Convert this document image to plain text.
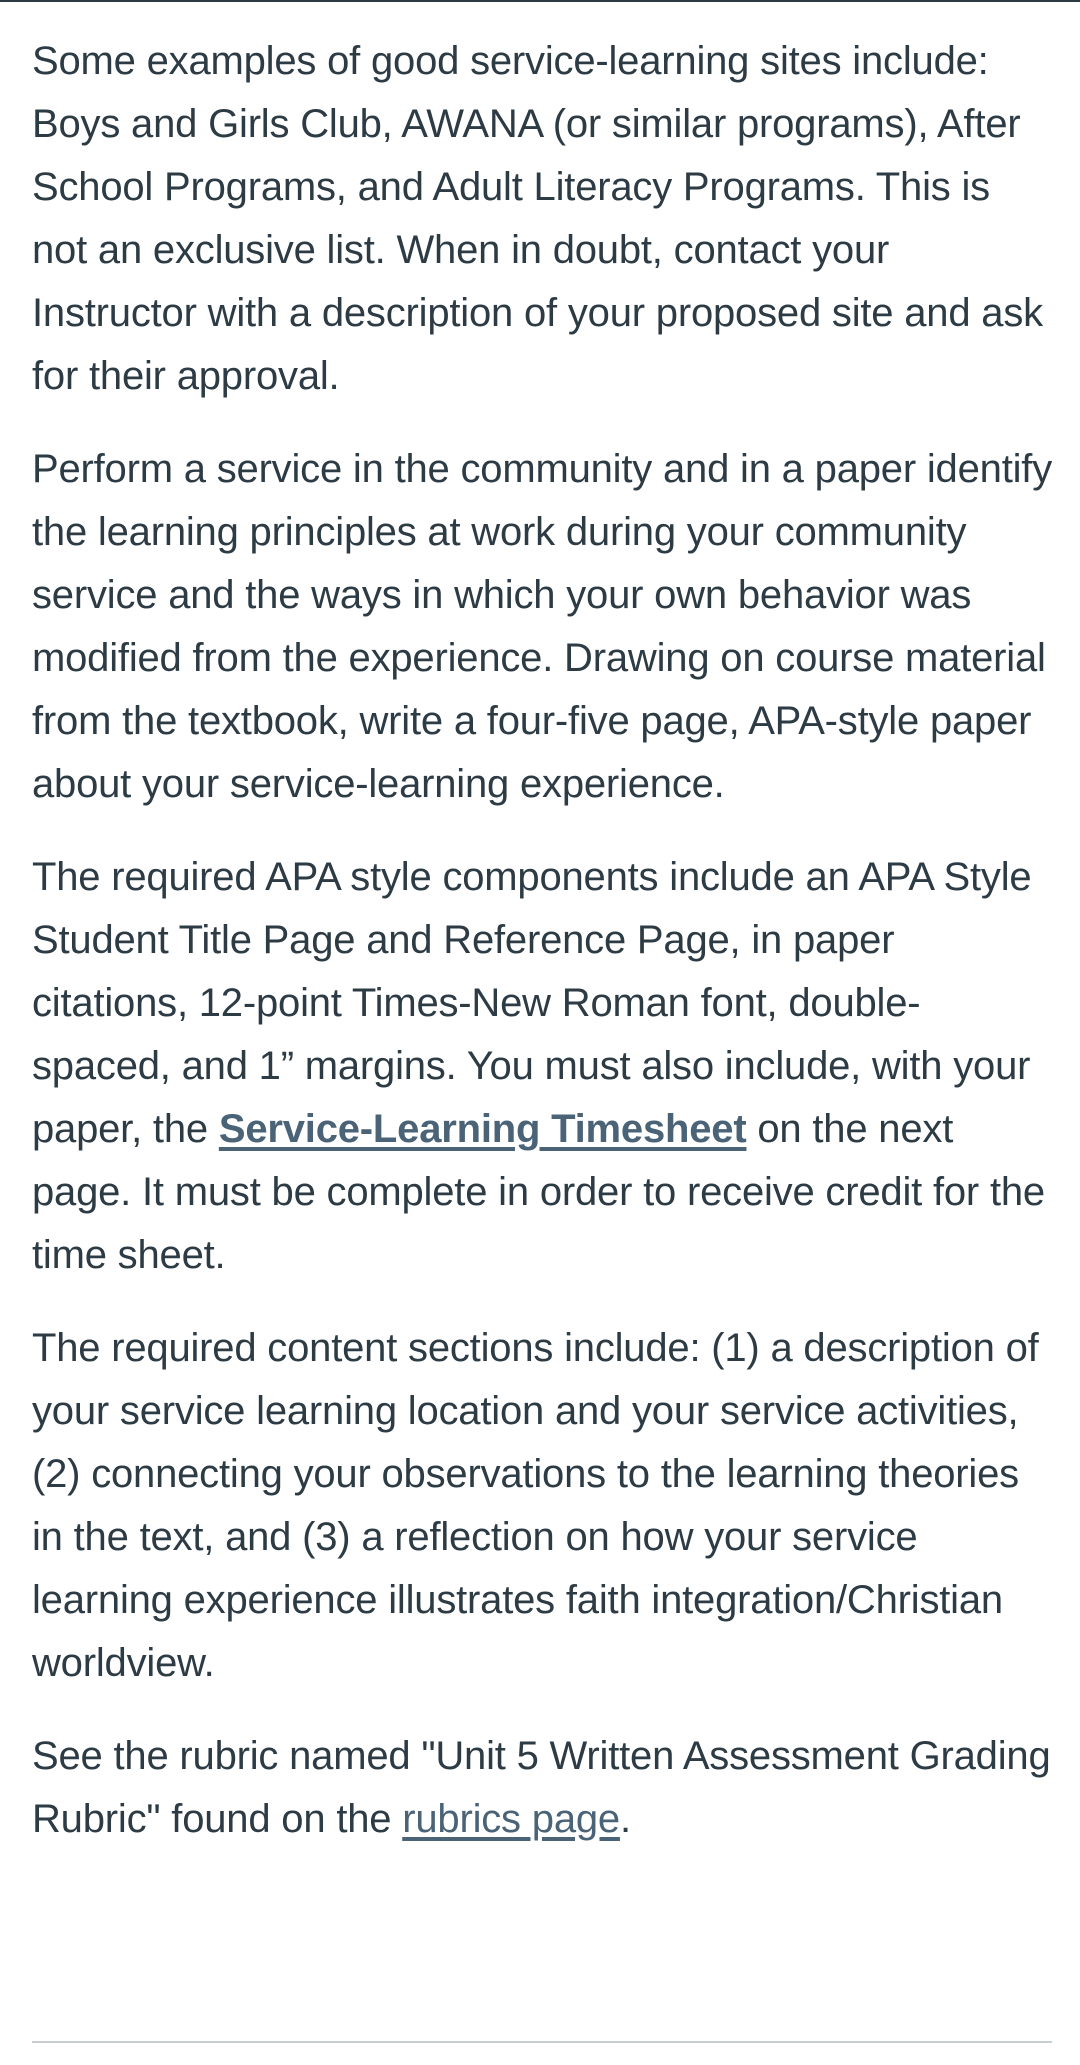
Some examples of good service-learning sites include: Boys and Girls Club, AWANA (or similar programs), After School Programs, and Adult Literacy Programs. This is not an exclusive list. When in doubt, contact your Instructor with a description of your proposed site and ask for their approval.

Perform a service in the community and in a paper identify the learning principles at work during your community service and the ways in which your own behavior was modified from the experience. Drawing on course material from the textbook, write a four-five page, APA-style paper about your service-learning experience.

The required APA style components include an APA Style Student Title Page and Reference Page, in paper citations, 12-point Times-New Roman font, double-spaced, and 1” margins. You must also include, with your paper, the Service-Learning Timesheet on the next page. It must be complete in order to receive credit for the time sheet.

The required content sections include: (1) a description of your service learning location and your service activities, (2) connecting your observations to the learning theories in the text, and (3) a reflection on how your service learning experience illustrates faith integration/Christian worldview.

See the rubric named "Unit 5 Written Assessment Grading Rubric" found on the rubrics page.
